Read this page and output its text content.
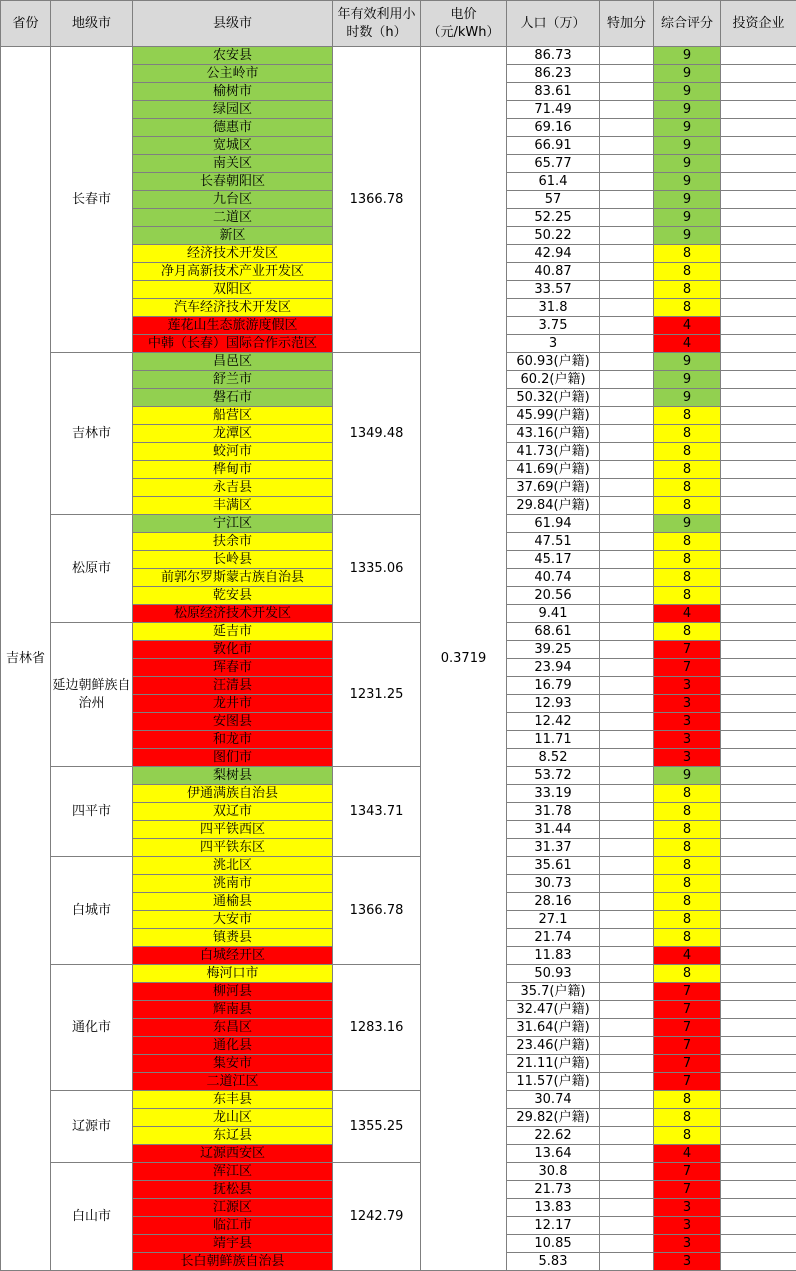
省份	地级市	县级市	年有效利用小时数（h）	电价（元/kWh）	人口（万）	特加分	综合评分	投资企业
吉林省	长春市	农安县	1366.78	0.3719	86.73		9	
		公主岭市			86.23		9	
		榆树市			83.61		9	
		绿园区			71.49		9	
		德惠市			69.16		9	
		宽城区			66.91		9	
		南关区			65.77		9	
		长春朝阳区			61.4		9	
		九台区			57		9	
		二道区			52.25		9	
		新区			50.22		9	
		经济技术开发区			42.94		8	
		净月高新技术产业开发区			40.87		8	
		双阳区			33.57		8	
		汽车经济技术开发区			31.8		8	
		莲花山生态旅游度假区			3.75		4	
		中韩（长春）国际合作示范区			3		4	
	吉林市	昌邑区	1349.48		60.93(户籍)		9	
		舒兰市			60.2(户籍)		9	
		磐石市			50.32(户籍)		9	
		船营区			45.99(户籍)		8	
		龙潭区			43.16(户籍)		8	
		蛟河市			41.73(户籍)		8	
		桦甸市			41.69(户籍)		8	
		永吉县			37.69(户籍)		8	
		丰满区			29.84(户籍)		8	
	松原市	宁江区	1335.06		61.94		9	
		扶余市			47.51		8	
		长岭县			45.17		8	
		前郭尔罗斯蒙古族自治县			40.74		8	
		乾安县			20.56		8	
		松原经济技术开发区			9.41		4	
	延边朝鲜族自治州	延吉市	1231.25		68.61		8	
		敦化市			39.25		7	
		珲春市			23.94		7	
		汪清县			16.79		3	
		龙井市			12.93		3	
		安图县			12.42		3	
		和龙市			11.71		3	
		图们市			8.52		3	
	四平市	梨树县	1343.71		53.72		9	
		伊通满族自治县			33.19		8	
		双辽市			31.78		8	
		四平铁西区			31.44		8	
		四平铁东区			31.37		8	
	白城市	洮北区	1366.78		35.61		8	
		洮南市			30.73		8	
		通榆县			28.16		8	
		大安市			27.1		8	
		镇赉县			21.74		8	
		白城经开区			11.83		4	
	通化市	梅河口市	1283.16		50.93		8	
		柳河县			35.7(户籍)		7	
		辉南县			32.47(户籍)		7	
		东昌区			31.64(户籍)		7	
		通化县			23.46(户籍)		7	
		集安市			21.11(户籍)		7	
		二道江区			11.57(户籍)		7	
	辽源市	东丰县	1355.25		30.74		8	
		龙山区			29.82(户籍)		8	
		东辽县			22.62		8	
		辽源西安区			13.64		4	
	白山市	浑江区	1242.79		30.8		7	
		抚松县			21.73		7	
		江源区			13.83		3	
		临江市			12.17		3	
		靖宇县			10.85		3	
		长白朝鲜族自治县			5.83		3	
